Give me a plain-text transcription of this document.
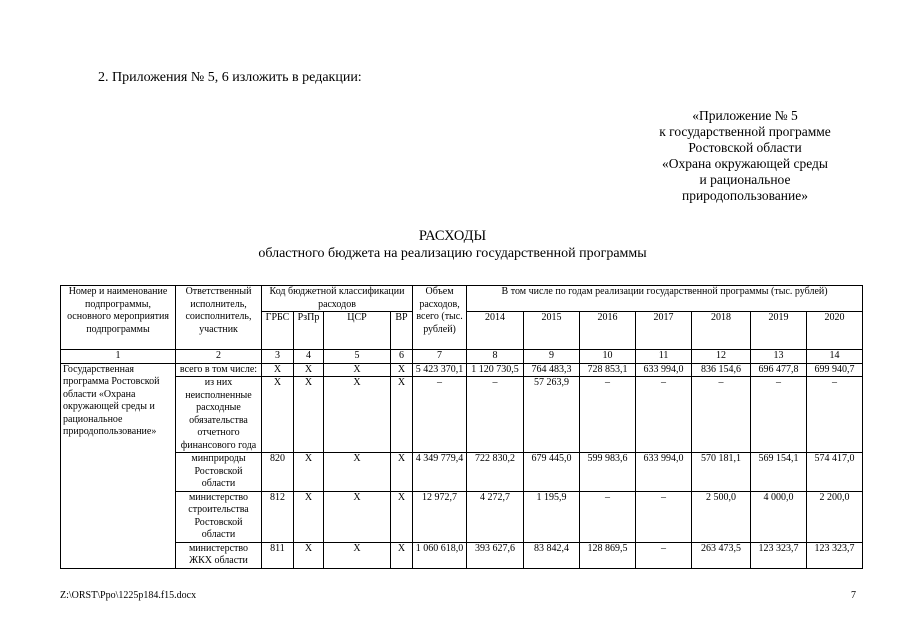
2. Приложения № 5, 6 изложить в редакции:
«Приложение № 5
к государственной программе
Ростовской области
«Охрана окружающей среды
и рациональное
природопользование»
РАСХОДЫ
областного бюджета на реализацию государственной программы
Номер и наименование подпрограммы, основного мероприятия подпрограммы	Ответственный исполнитель, соисполнитель, участник	Код бюджетной классификации расходов				Объем расходов, всего (тыс. рублей)	В том числе по годам реализации государственной программы (тыс. рублей)						
		ГРБС	РзПр	ЦСР	ВР		2014	2015	2016	2017	2018	2019	2020
1	2	3	4	5	6	7	8	9	10	11	12	13	14
Государственная программа Ростовской области «Охрана окружающей среды и рациональное природопользование»	всего в том числе:	Х	Х	Х	Х	5 423 370,1	1 120 730,5	764 483,3	728 853,1	633 994,0	836 154,6	696 477,8	699 940,7
	из них неисполненные расходные обязательства отчетного финансового года	Х	Х	Х	Х	–	–	57 263,9	–	–	–	–	–
	минприроды Ростовской области	820	Х	Х	Х	4 349 779,4	722 830,2	679 445,0	599 983,6	633 994,0	570 181,1	569 154,1	574 417,0
	министерство строительства Ростовской области	812	Х	Х	Х	12 972,7	4 272,7	1 195,9	–	–	2 500,0	4 000,0	2 200,0
	министерство ЖКХ области	811	Х	Х	Х	1 060 618,0	393 627,6	83 842,4	128 869,5	–	263 473,5	123 323,7	123 323,7
Z:\ORST\Ppo\1225p184.f15.docx	7
